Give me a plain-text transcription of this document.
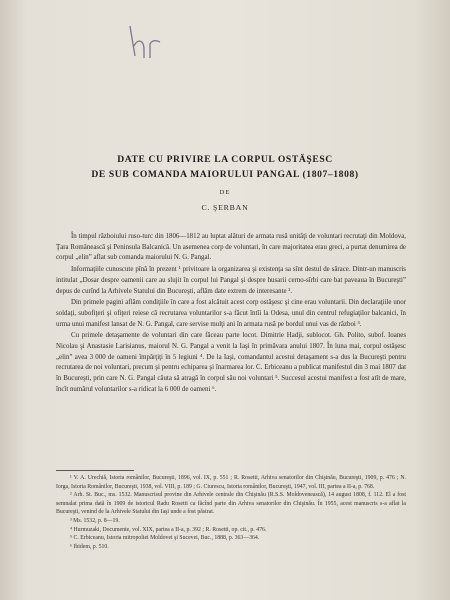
hr
DATE CU PRIVIRE LA CORPUL OSTĂŞESC
DE SUB COMANDA MAIORULUI PANGAL (1807–1808)
DE
C. ŞERBAN

În timpul războiului ruso-turc din 1806—1812 au luptat alături de armata rusă unităţi de voluntari recrutaţi din Moldova, Ţara Românească şi Peninsula Balcanică. Un asemenea corp de voluntari, în care majoritatea erau greci, a purtat denumirea de corpul „elin” aflat sub comanda maiorului N. G. Pangal.

Informaţiile cunoscute pînă în prezent ¹ privitoare la organizarea şi existenţa sa sînt destul de sărace. Dintr-un manuscris intitulat „Dosar despre oamenii care au slujit în corpul lui Pangal şi despre husarii cerno-sîrbi care bat paveaua în Bucureşti” depus de curînd la Arhivele Statului din Bucureşti, aflăm date extrem de interesante ².

Din primele pagini aflăm condiţiile în care a fost alcătuit acest corp ostăşesc şi cine erau voluntarii. Din declaraţiile unor soldaţi, subofiţeri şi ofiţeri reiese că recrutarea voluntarilor s-a făcut întîi la Odesa, unul din centrul refugiaţilor balcanici, în urma unui manifest lansat de N. G. Pangal, care servise mulţi ani în armata rusă pe bordul unui vas de război ³.

Cu primele detaşamente de voluntari din care făceau parte locot. Dimitrie Hadji, sublocot. Gh. Polito, subof. Ioanes Nicolau şi Anastasie Larisianus, maiorul N. G. Pangal a venit la Iaşi în primăvara anului 1807. În luna mai, corpul ostăşesc „elin” avea 3 000 de oameni împărţiţi în 5 legiuni ⁴. De la Iaşi, comandantul acestui detaşament s-a dus la Bucureşti pentru recrutarea de noi voluntari, precum şi pentru echiparea şi înarmarea lor. C. Erbiceanu a publicat manifestul din 3 mai 1807 dat în Bucureşti, prin care N. G. Pangal căuta să atragă în corpul său noi voluntari ⁵. Succesul acestui manifest a fost atît de mare, încît numărul voluntarilor s-a ridicat la 6 000 de oameni ⁶.

¹ V. A. Urechiă, Istoria românilor, Bucureşti, 1896, vol. IX, p. 551 ; R. Rosetti, Arhiva senatorilor din Chişinău, Bucureşti, 1909, p. 476 ; N. Iorga, Istoria Românilor, Bucureşti, 1938, vol. VIII, p. 189 ; G. Ciurescu, Istoria românilor, Bucureşti, 1947, vol. III, partea a II-a, p. 768.

² Arh. St. Buc., ms. 1532. Manuscrisul provine din Arhivele centrale din Chişinău (R.S.S. Moldovenească), 14 august 1808, f. 112. El a fost semnalat prima dată în 1909 de istoricul Radu Rosetti ca făcînd parte din Arhiva senatorilor din Chişinău. În 1955, acest manuscris s-a aflat la Bucureşti, venind de la Arhivele Statului din Iaşi unde a fost păstrat.

³ Ms. 1532, p. 8—19.

⁴ Hurmuzaki, Documente, vol. XIX, partea a II-a, p. 392 ; R. Rosetti, op. cit., p. 476.

⁵ C. Erbiceanu, Istoria mitropoliei Moldovei şi Sucevei, Buc., 1888, p. 363—364.

⁶ Ibidem, p. 510.
